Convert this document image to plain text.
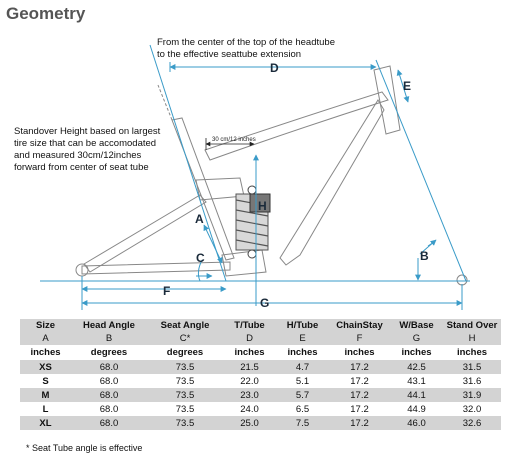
Geometry
From the center of the top of the headtube
to the effective seattube extension
Standover Height based on largest
tire size that can be accomodated
and measured 30cm/12inches
forward from center of seat tube
30 cm/12 inches
A
B
C
D
E
F
G
H
Size	Head Angle	Seat Angle	T/Tube	H/Tube	ChainStay	W/Base	Stand Over
A	B	C*	D	E	F	G	H
inches	degrees	degrees	inches	inches	inches	inches	inches
XS	68.0	73.5	21.5	4.7	17.2	42.5	31.5
S	68.0	73.5	22.0	5.1	17.2	43.1	31.6
M	68.0	73.5	23.0	5.7	17.2	44.1	31.9
L	68.0	73.5	24.0	6.5	17.2	44.9	32.0
XL	68.0	73.5	25.0	7.5	17.2	46.0	32.6
* Seat Tube angle is effective
